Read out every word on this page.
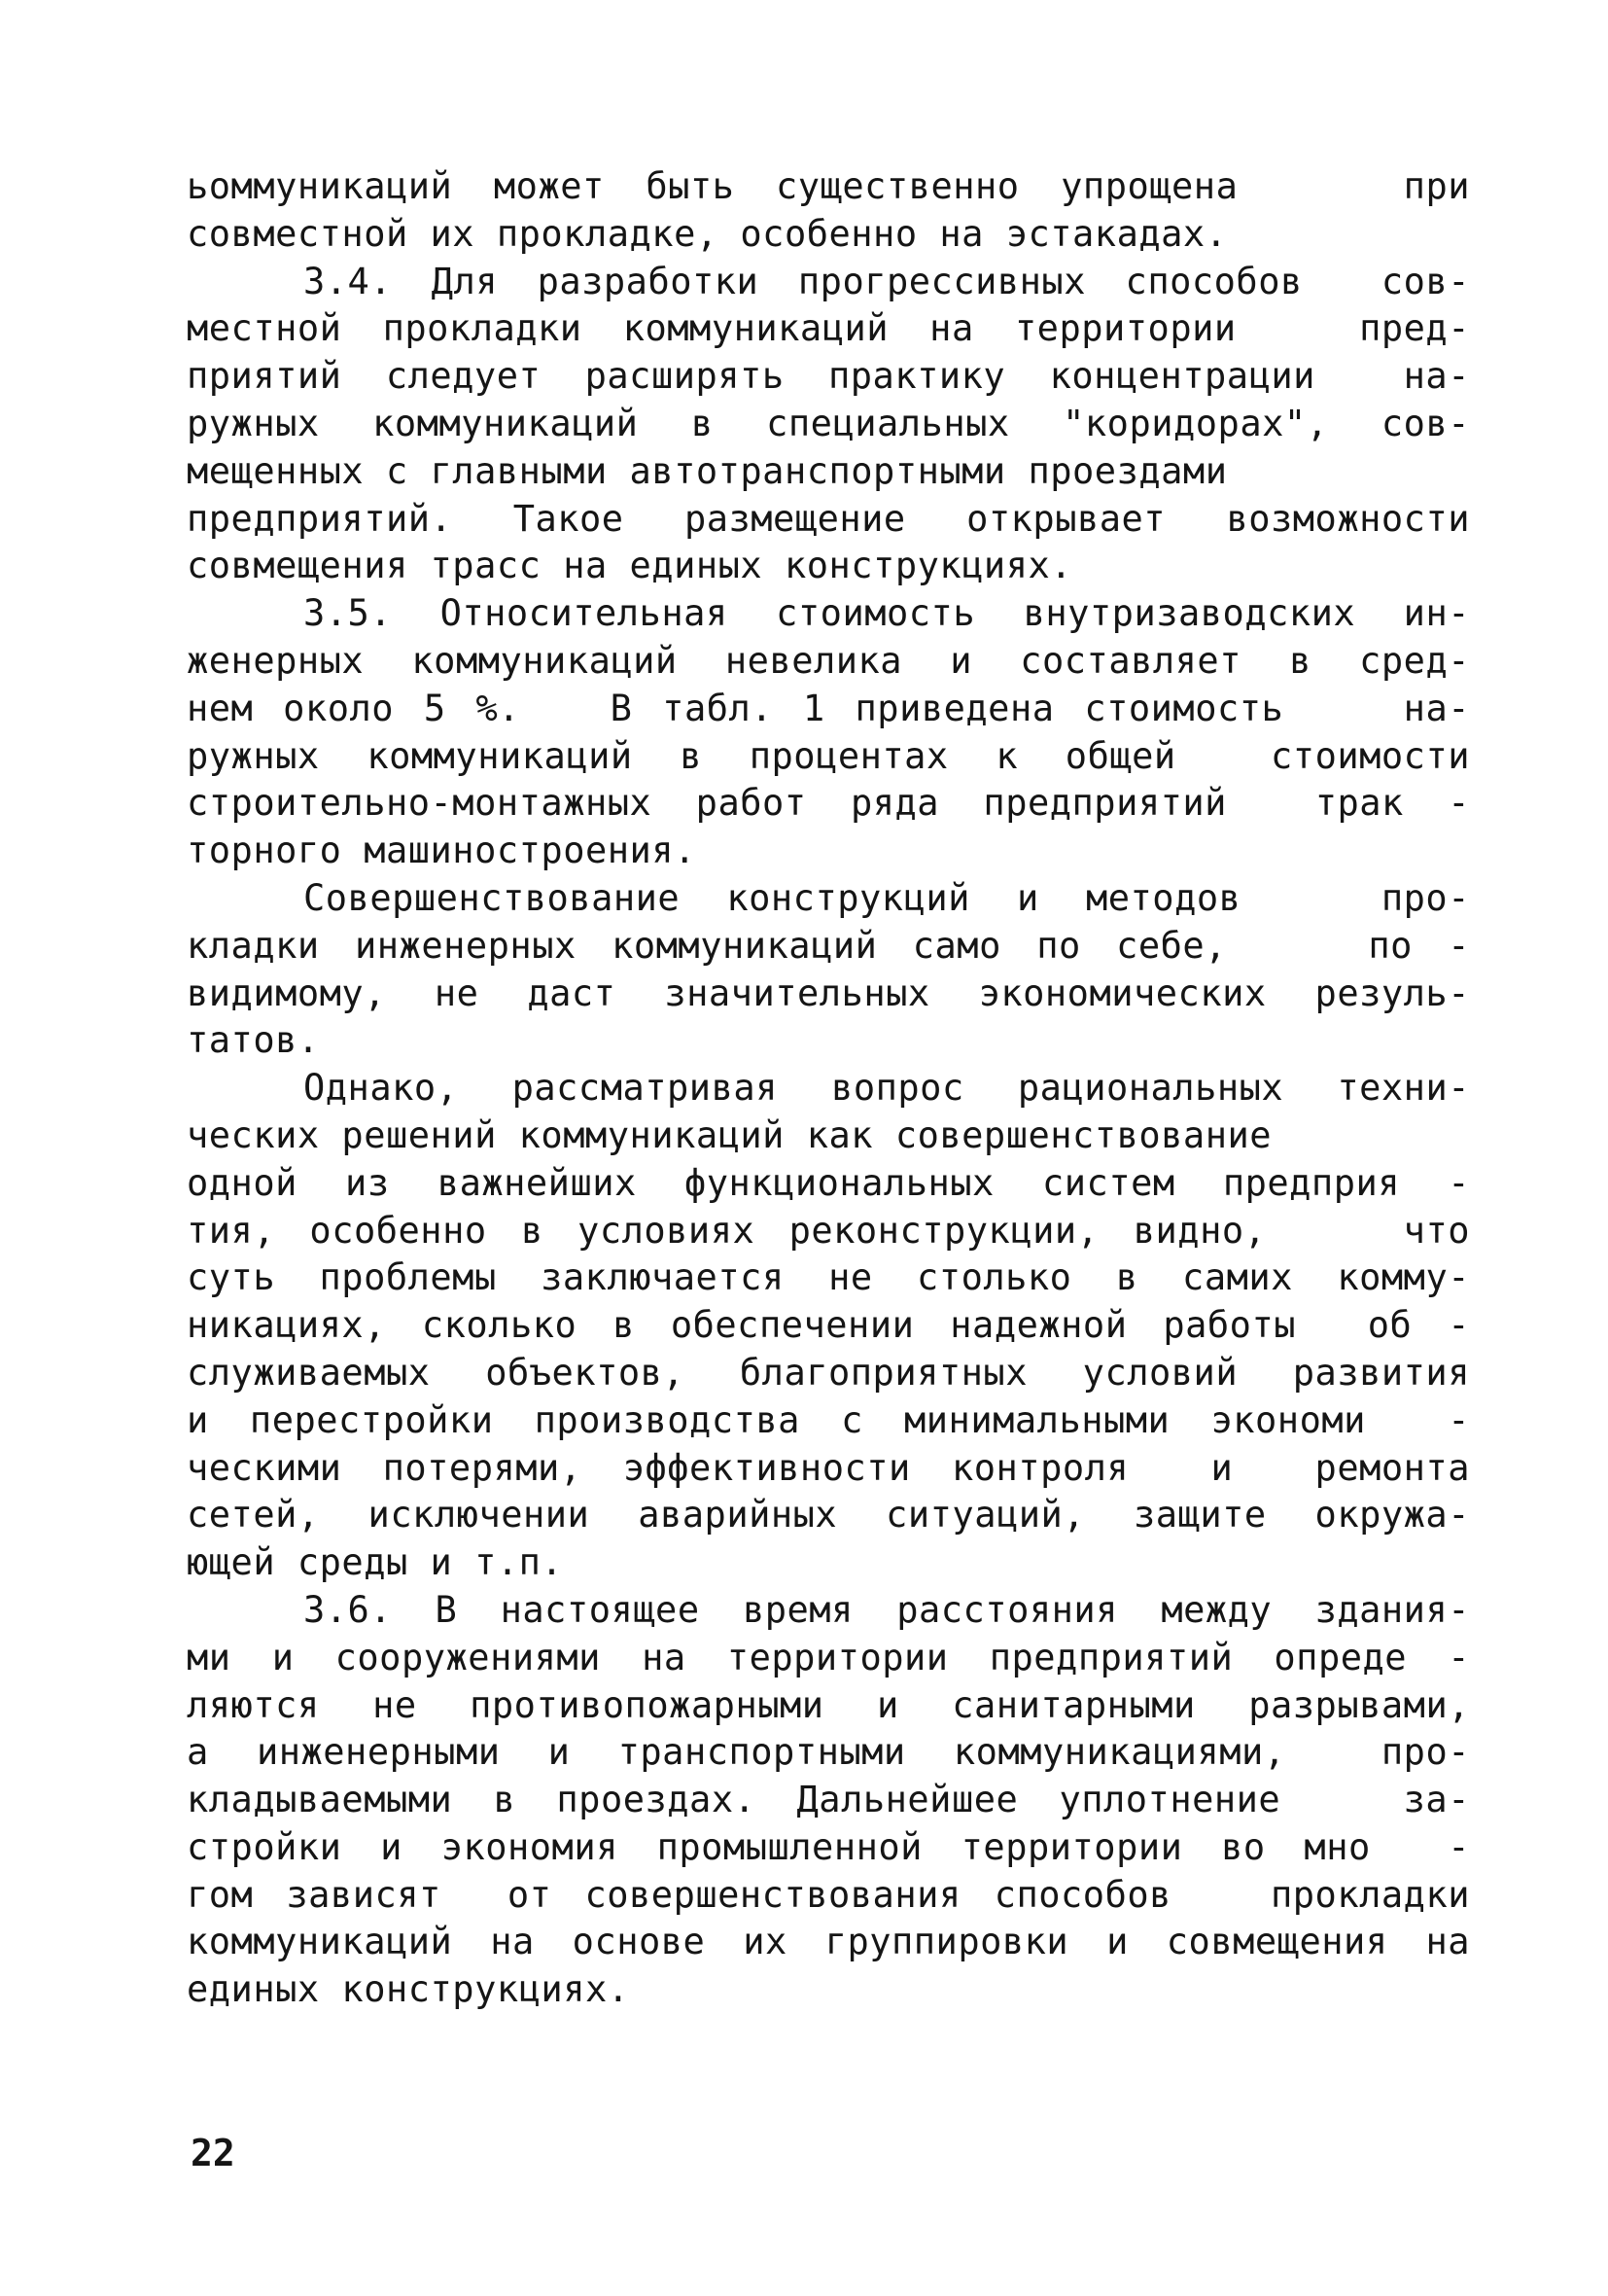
ьоммуникаций может быть существенно упрощена    при
совместной их прокладке, особенно на эстакадах.
3.4. Для разработки прогрессивных способов  сов-
местной прокладки коммуникаций на территории   пред-
приятий следует расширять практику концентрации  на-
ружных коммуникаций в специальных "коридорах", сов-
мещенных с главными автотранспортными проездами
предприятий. Такое размещение открывает возможности
совмещения трасс на единых конструкциях.
3.5. Относительная стоимость внутризаводских ин-
женерных коммуникаций невелика и составляет в сред-
нем около 5 %.   В табл. 1 приведена стоимость    на-
ружных коммуникаций в процентах к общей  стоимости
строительно-монтажных работ ряда предприятий  трак -
торного машиностроения.
Совершенствование конструкций и методов   про-
кладки инженерных коммуникаций само по себе,    по -
видимому, не даст значительных экономических резуль-
татов.
Однако, рассматривая вопрос рациональных техни-
ческих решений коммуникаций как совершенствование
одной из важнейших функциональных систем предприя -
тия, особенно в условиях реконструкции, видно,    что
суть проблемы заключается не столько в самих комму-
никациях, сколько в обеспечении надежной работы  об -
служиваемых объектов, благоприятных условий развития
и перестройки производства с минимальными экономи  -
ческими потерями, эффективности контроля  и  ремонта
сетей, исключении аварийных ситуаций, защите окружа-
ющей среды и т.п.
3.6. В настоящее время расстояния между здания-
ми и сооружениями на территории предприятий опреде -
ляются не противопожарными и санитарными разрывами,
а инженерными и транспортными коммуникациями,  про-
кладываемыми в проездах. Дальнейшее уплотнение   за-
стройки и экономия промышленной территории во мно  -
гом зависят  от совершенствования способов   прокладки
коммуникаций на основе их группировки и совмещения на
единых конструкциях.
22
